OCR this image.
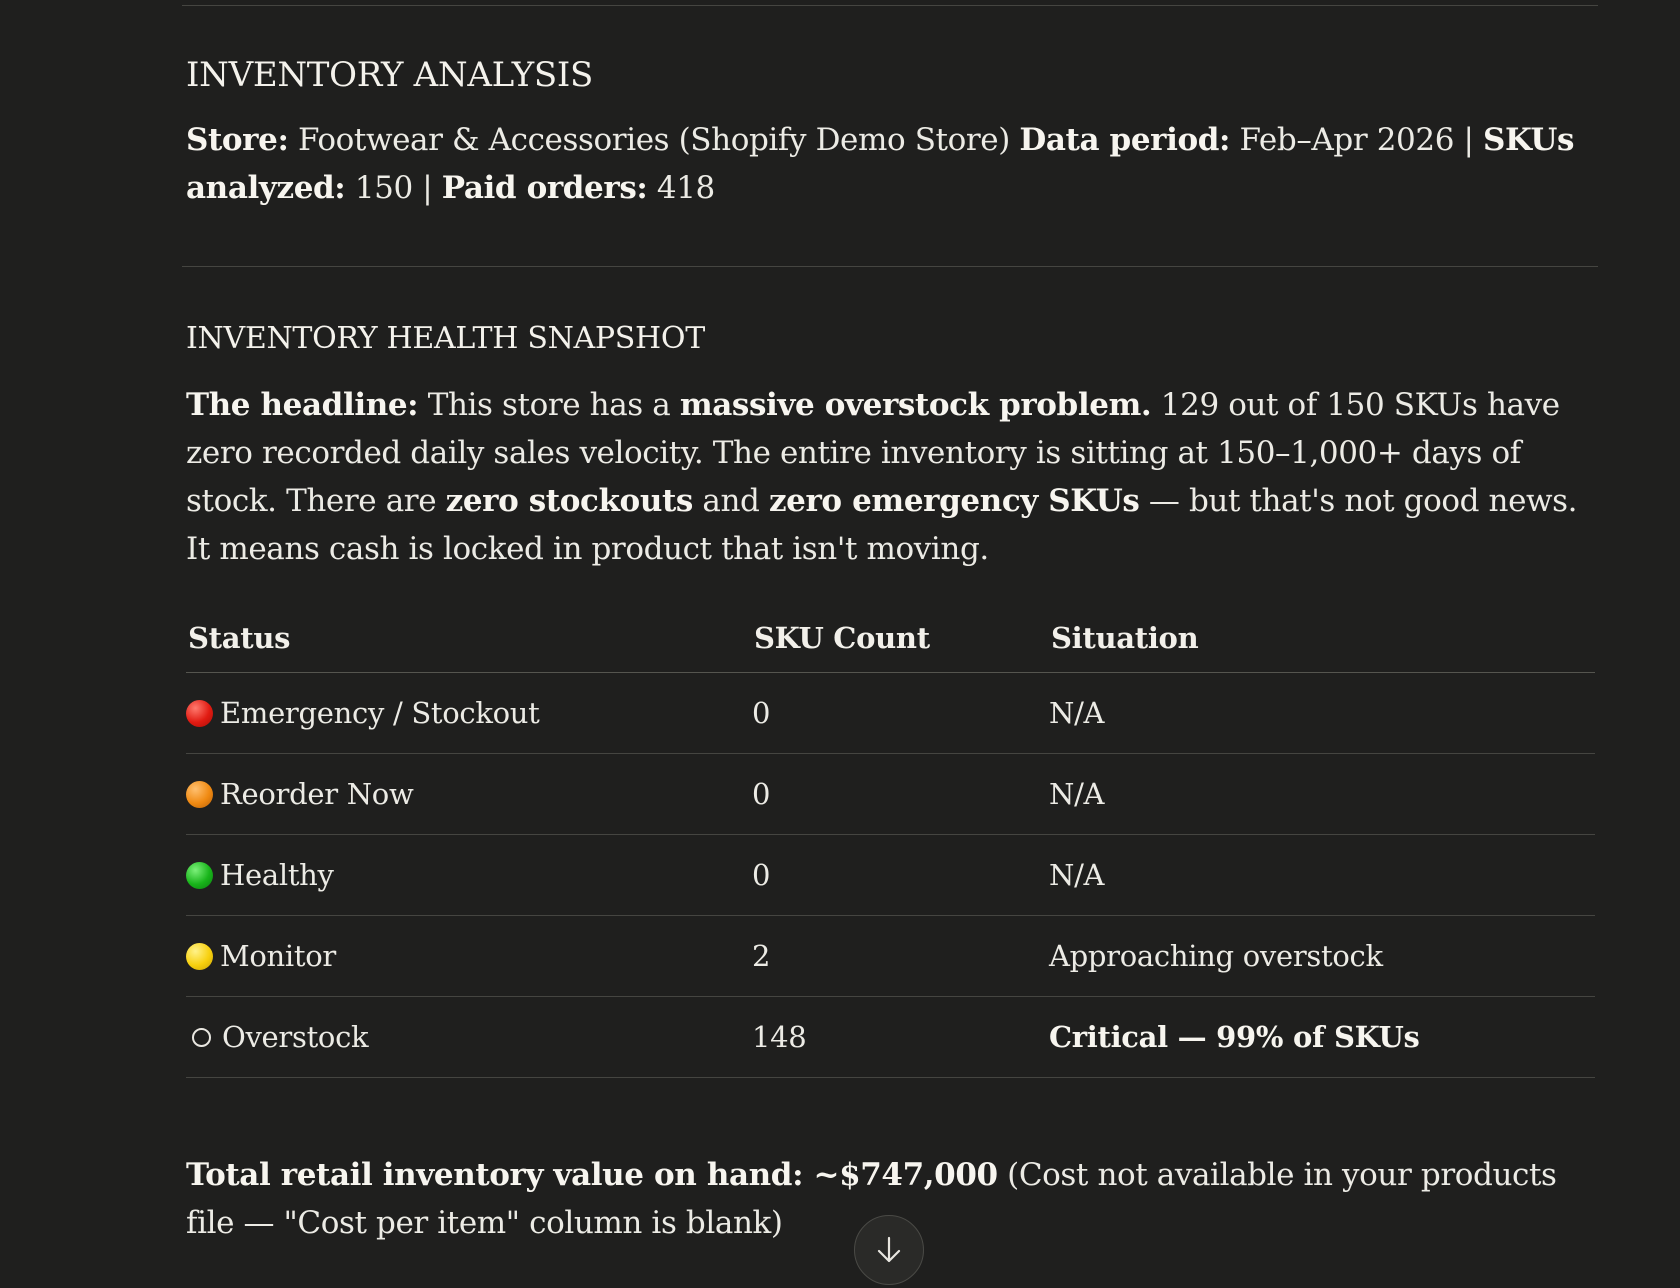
INVENTORY ANALYSIS

Store: Footwear & Accessories (Shopify Demo Store) Data period: Feb–Apr 2026 | SKUs analyzed: 150 | Paid orders: 418

INVENTORY HEALTH SNAPSHOT

The headline: This store has a massive overstock problem. 129 out of 150 SKUs have zero recorded daily sales velocity. The entire inventory is sitting at 150–1,000+ days of stock. There are zero stockouts and zero emergency SKUs — but that's not good news. It means cash is locked in product that isn't moving.

Status	SKU Count	Situation

Emergency / Stockout	0	N/A

Reorder Now	0	N/A

Healthy	0	N/A

Monitor	2	Approaching overstock

Overstock	148	Critical — 99% of SKUs

Total retail inventory value on hand: ~$747,000 (Cost not available in your products file — "Cost per item" column is blank)
